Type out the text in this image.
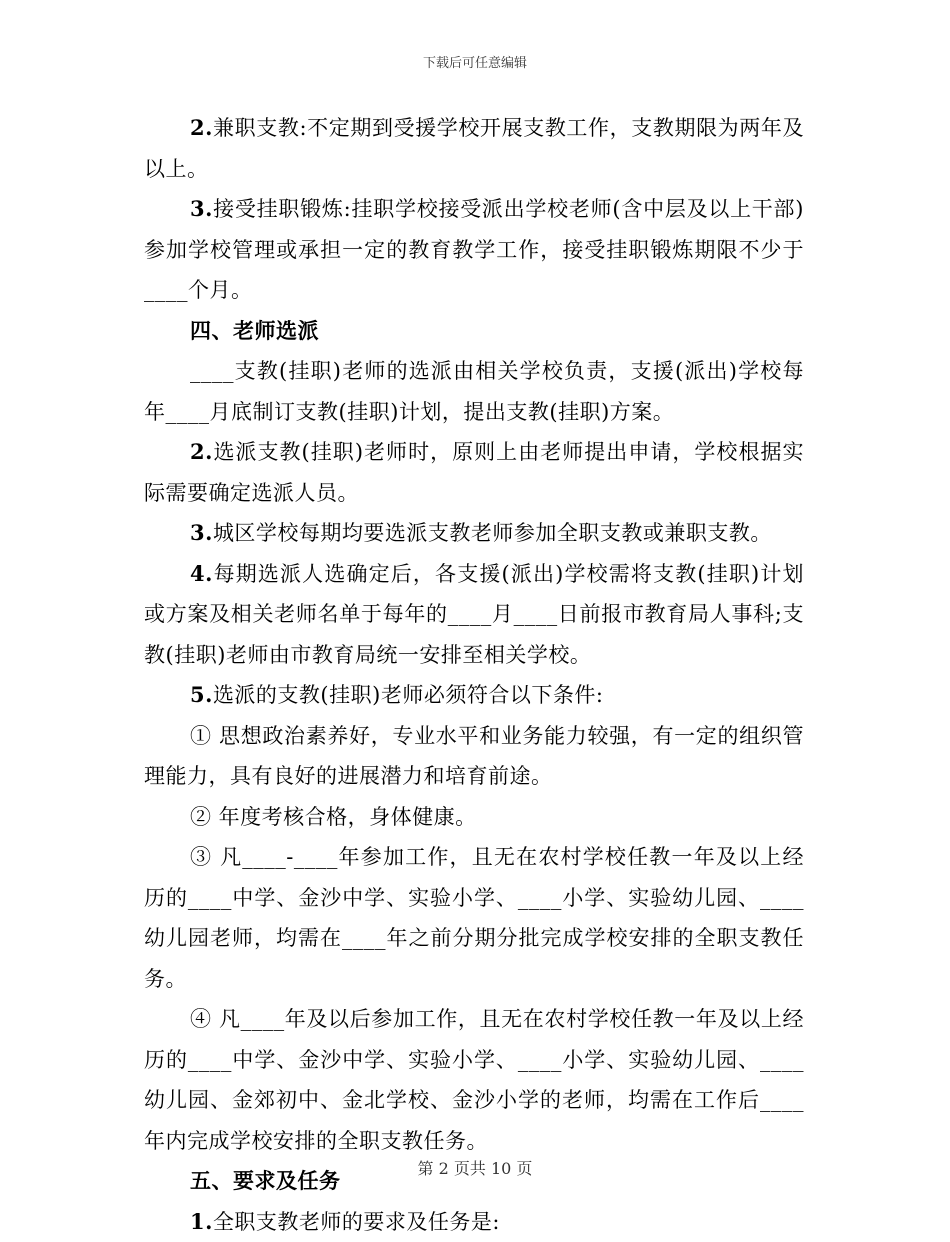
下载后可任意编辑

2.兼职支教:不定期到受援学校开展支教工作，支教期限为两年及以上。

3.接受挂职锻炼:挂职学校接受派出学校老师(含中层及以上干部)参加学校管理或承担一定的教育教学工作，接受挂职锻炼期限不少于____个月。

四、老师选派

____支教(挂职)老师的选派由相关学校负责，支援(派出)学校每年____月底制订支教(挂职)计划，提出支教(挂职)方案。

2.选派支教(挂职)老师时，原则上由老师提出申请，学校根据实际需要确定选派人员。

3.城区学校每期均要选派支教老师参加全职支教或兼职支教。

4.每期选派人选确定后，各支援(派出)学校需将支教(挂职)计划或方案及相关老师名单于每年的____月____日前报市教育局人事科;支教(挂职)老师由市教育局统一安排至相关学校。

5.选派的支教(挂职)老师必须符合以下条件:

① 思想政治素养好，专业水平和业务能力较强，有一定的组织管理能力，具有良好的进展潜力和培育前途。

② 年度考核合格，身体健康。

③ 凡____-____年参加工作，且无在农村学校任教一年及以上经历的____中学、金沙中学、实验小学、____小学、实验幼儿园、____幼儿园老师，均需在____年之前分期分批完成学校安排的全职支教任务。

④ 凡____年及以后参加工作，且无在农村学校任教一年及以上经历的____中学、金沙中学、实验小学、____小学、实验幼儿园、____幼儿园、金郊初中、金北学校、金沙小学的老师，均需在工作后____年内完成学校安排的全职支教任务。

五、要求及任务

1.全职支教老师的要求及任务是:

第 2 页共 10 页
